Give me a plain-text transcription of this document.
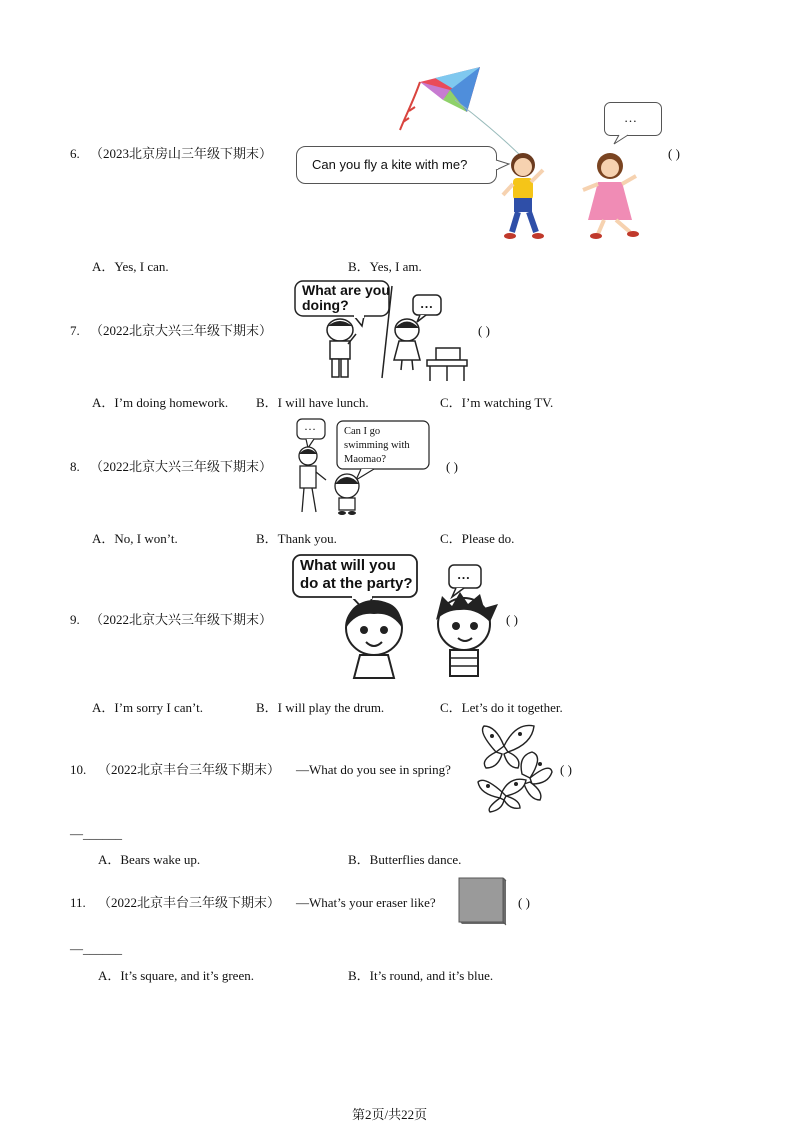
6. （2023北京房山三年级下期末）
Can you fly a kite with me?
…
( )
A．Yes, I can.	B．Yes, I am.
7. （2022北京大兴三年级下期末）
What are you
doing?	…
( )
A．I’m doing homework. B．I will have lunch.	C．I’m watching TV.
8. （2022北京大兴三年级下期末）
…	Can I go
swimming with
Maomao?	( )
A．No, I won’t.	B．Thank you.	C．Please do.
9. （2022北京大兴三年级下期末）
What will you
do at the party?
…
( )
A．I’m sorry I can’t.	B．I will play the drum.	C．Let’s do it together.
10. （2022北京丰台三年级下期末） —What do you see in spring?	( )
—______
A．Bears wake up.	B．Butterflies dance.
11. （2022北京丰台三年级下期末） —What’s your eraser like?	( )
—______
A．It’s square, and it’s green.	B．It’s round, and it’s blue.
第2页/共22页
